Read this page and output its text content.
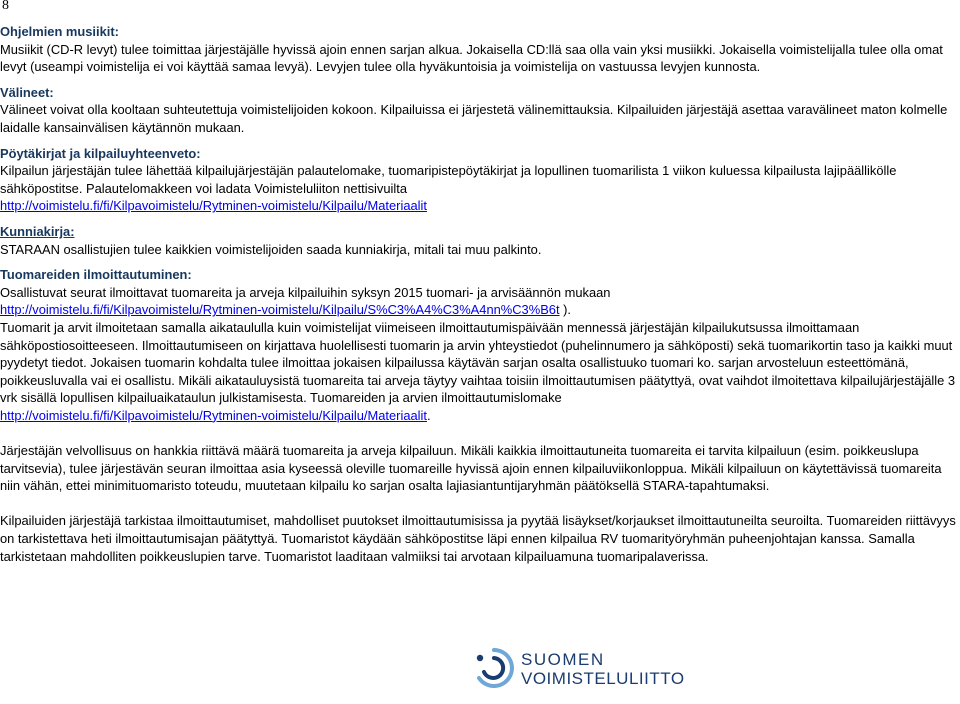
8
Ohjelmien musiikit:
Musiikit (CD-R levyt) tulee toimittaa järjestäjälle hyvissä ajoin ennen sarjan alkua. Jokaisella CD:llä saa olla vain yksi musiikki. Jokaisella voimistelijalla tulee olla omat levyt (useampi voimistelija ei voi käyttää samaa levyä). Levyjen tulee olla hyväkuntoisia ja voimistelija on vastuussa levyjen kunnosta.
Välineet:
Välineet voivat olla kooltaan suhteutettuja voimistelijoiden kokoon. Kilpailuissa ei järjestetä välinemittauksia. Kilpailuiden järjestäjä asettaa varavälineet maton kolmelle laidalle kansainvälisen käytännön mukaan.
Pöytäkirjat ja kilpailuyhteenveto:
Kilpailun järjestäjän tulee lähettää kilpailujärjestäjän palautelomake, tuomaripistepöytäkirjat ja lopullinen tuomarilista 1 viikon kuluessa kilpailusta lajipäällikölle sähköpostitse. Palautelomakkeen voi ladata Voimisteluliiton nettisivuilta
http://voimistelu.fi/fi/Kilpavoimistelu/Rytminen-voimistelu/Kilpailu/Materiaalit
Kunniakirja:
STARAAN osallistujien tulee kaikkien voimistelijoiden saada kunniakirja, mitali tai muu palkinto.
Tuomareiden ilmoittautuminen:
Osallistuvat seurat ilmoittavat tuomareita ja arveja kilpailuihin syksyn 2015 tuomari- ja arvisäännön mukaan
http://voimistelu.fi/fi/Kilpavoimistelu/Rytminen-voimistelu/Kilpailu/S%C3%A4%C3%A4nn%C3%B6t ).
Tuomarit ja arvit ilmoitetaan samalla aikataululla kuin voimistelijat viimeiseen ilmoittautumispäivään mennessä järjestäjän kilpailukutsussa ilmoittamaan sähköpostiosoitteeseen. Ilmoittautumiseen on kirjattava huolellisesti tuomarin ja arvin yhteystiedot (puhelinnumero ja sähköposti) sekä tuomarikortin taso ja kaikki muut pyydetyt tiedot. Jokaisen tuomarin kohdalta tulee ilmoittaa jokaisen kilpailussa käytävän sarjan osalta osallistuuko tuomari ko. sarjan arvosteluun esteettömänä, poikkeusluvalla vai ei osallistu. Mikäli aikatauluysistä tuomareita tai arveja täytyy vaihtaa toisiin ilmoittautumisen päätyttyä, ovat vaihdot ilmoitettava kilpailujärjestäjälle 3 vrk sisällä lopullisen kilpailuaikataulun julkistamisesta. Tuomareiden ja arvien ilmoittautumislomake
http://voimistelu.fi/fi/Kilpavoimistelu/Rytminen-voimistelu/Kilpailu/Materiaalit.
Järjestäjän velvollisuus on hankkia riittävä määrä tuomareita ja arveja kilpailuun. Mikäli kaikkia ilmoittautuneita tuomareita ei tarvita kilpailuun (esim. poikkeuslupa tarvitsevia), tulee järjestävän seuran ilmoittaa asia kyseessä oleville tuomareille hyvissä ajoin ennen kilpailuviikonloppua. Mikäli kilpailuun on käytettävissä tuomareita niin vähän, ettei minimituomaristo toteudu, muutetaan kilpailu ko sarjan osalta lajiasiantuntijaryhmän päätöksellä STARA-tapahtumaksi.
Kilpailuiden järjestäjä tarkistaa ilmoittautumiset, mahdolliset puutokset ilmoittautumisissa ja pyytää lisäykset/korjaukset ilmoittautuneilta seuroilta. Tuomareiden riittävyys on tarkistettava heti ilmoittautumisajan päätyttyä. Tuomaristot käydään sähköpostitse läpi ennen kilpailua RV tuomarityöryhmän puheenjohtajan kanssa. Samalla tarkistetaan mahdolliten poikkeuslupien tarve. Tuomaristot laaditaan valmiiksi tai arvotaan kilpailuamuna tuomaripalaverissa.
SUOMEN
VOIMISTELULIITTO
